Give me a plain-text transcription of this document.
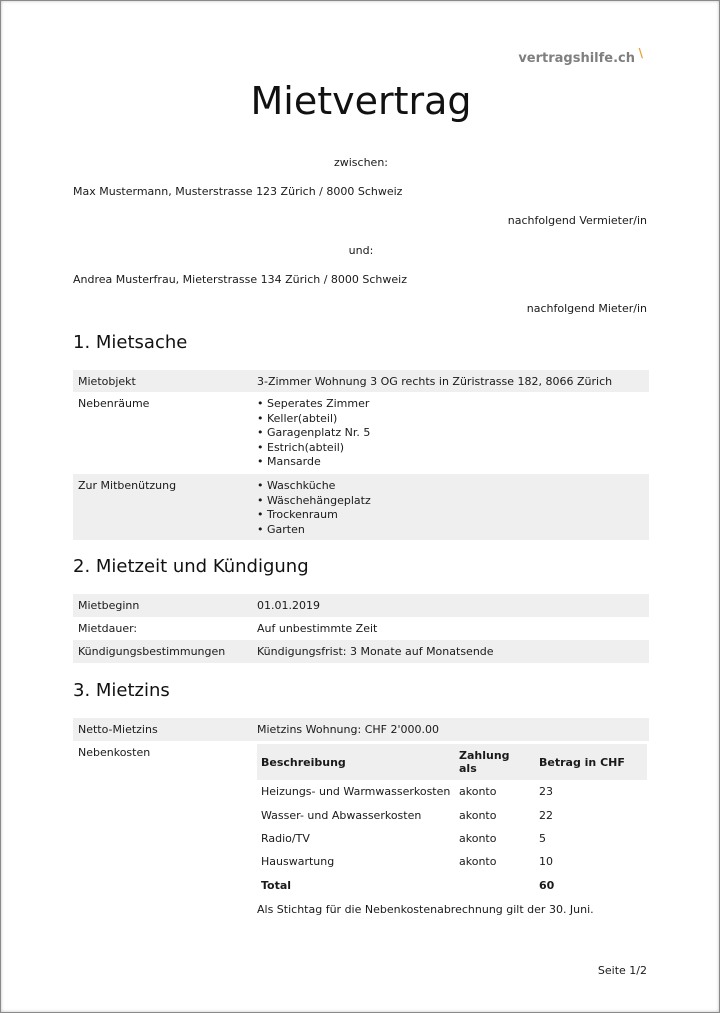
vertragshilfe.ch \
Mietvertrag
zwischen:
Max Mustermann, Musterstrasse 123 Zürich / 8000 Schweiz
nachfolgend Vermieter/in
und:
Andrea Musterfrau, Mieterstrasse 134 Zürich / 8000 Schweiz
nachfolgend Mieter/in
1. Mietsache
Mietobjekt	3-Zimmer Wohnung 3 OG rechts in Züristrasse 182, 8066 Zürich
Nebenräume	• Seperates Zimmer
• Keller(abteil)
• Garagenplatz Nr. 5
• Estrich(abteil)
• Mansarde
Zur Mitbenützung	• Waschküche
• Wäschehängeplatz
• Trockenraum
• Garten
2. Mietzeit und Kündigung
Mietbeginn	01.01.2019
Mietdauer:	Auf unbestimmte Zeit
Kündigungsbestimmungen	Kündigungsfrist: 3 Monate auf Monatsende
3. Mietzins
Netto-Mietzins	Mietzins Wohnung: CHF 2'000.00
Nebenkosten
Beschreibung	Zahlung als	Betrag in CHF
Heizungs- und Warmwasserkosten	akonto	23
Wasser- und Abwasserkosten	akonto	22
Radio/TV	akonto	5
Hauswartung	akonto	10
Total		60
Als Stichtag für die Nebenkostenabrechnung gilt der 30. Juni.
Seite 1/2
